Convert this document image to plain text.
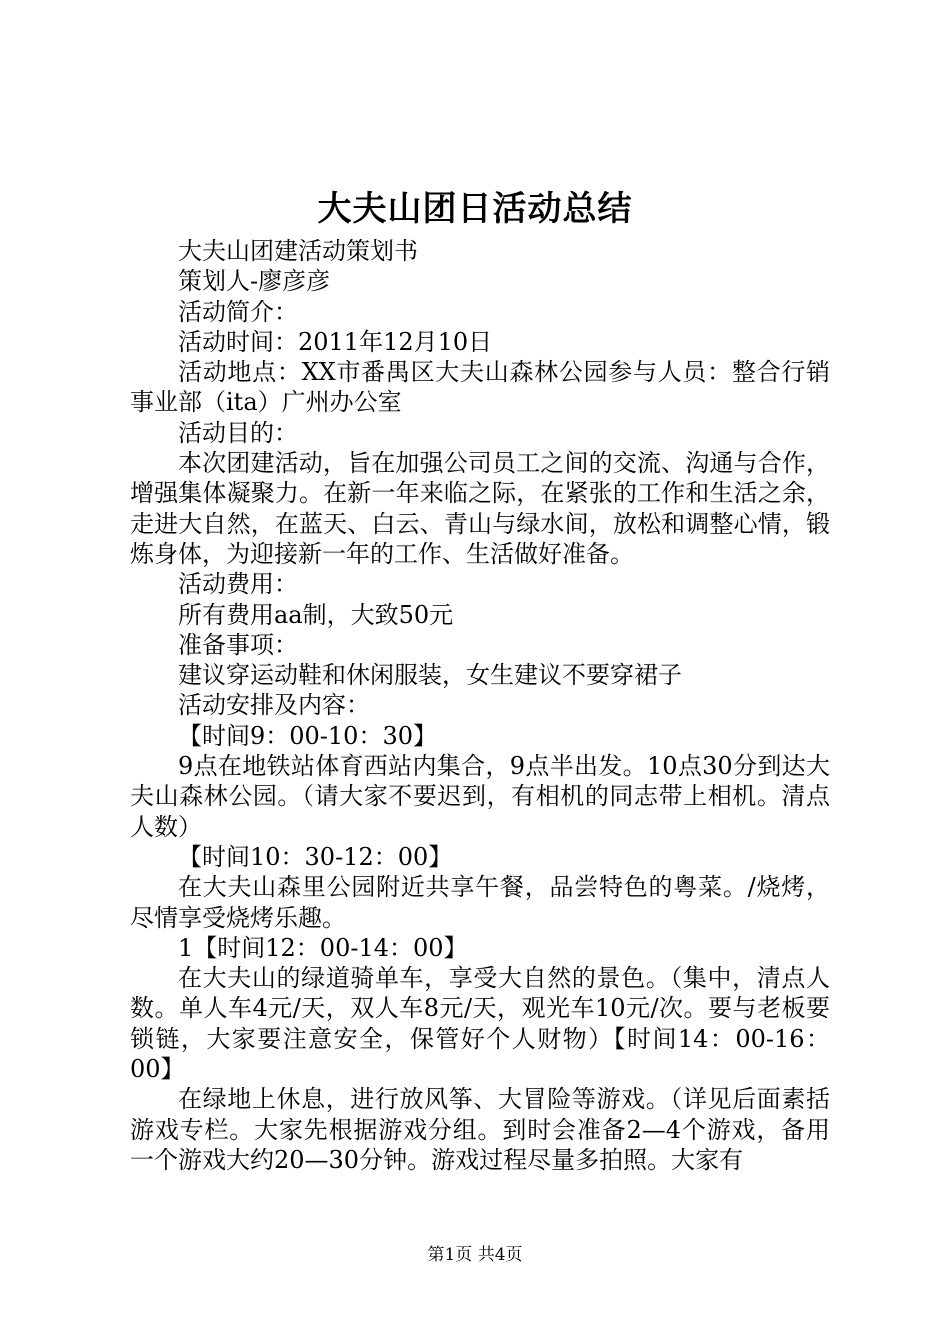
大夫山团日活动总结

大夫山团建活动策划书

策划人-廖彦彦

活动简介：

活动时间：2011年12月10日

活动地点：XX市番禺区大夫山森林公园参与人员：整合行销事业部（ita）广州办公室

活动目的：

本次团建活动，旨在加强公司员工之间的交流、沟通与合作，增强集体凝聚力。在新一年来临之际，在紧张的工作和生活之余，走进大自然，在蓝天、白云、青山与绿水间，放松和调整心情，锻炼身体，为迎接新一年的工作、生活做好准备。

活动费用：

所有费用aa制，大致50元

准备事项：

建议穿运动鞋和休闲服装，女生建议不要穿裙子

活动安排及内容：

【时间9：00-10：30】

9点在地铁站体育西站内集合，9点半出发。10点30分到达大夫山森林公园。（请大家不要迟到，有相机的同志带上相机。清点人数）

【时间10：30-12：00】

在大夫山森里公园附近共享午餐，品尝特色的粤菜。/烧烤，尽情享受烧烤乐趣。

1【时间12：00-14：00】

在大夫山的绿道骑单车，享受大自然的景色。（集中，清点人数。单人车4元/天，双人车8元/天，观光车10元/次。要与老板要锁链，大家要注意安全，保管好个人财物）【时间14：00-16：00】

在绿地上休息，进行放风筝、大冒险等游戏。（详见后面素括游戏专栏。大家先根据游戏分组。到时会准备2—4个游戏，备用一个游戏大约20—30分钟。游戏过程尽量多拍照。大家有

第1页 共4页
